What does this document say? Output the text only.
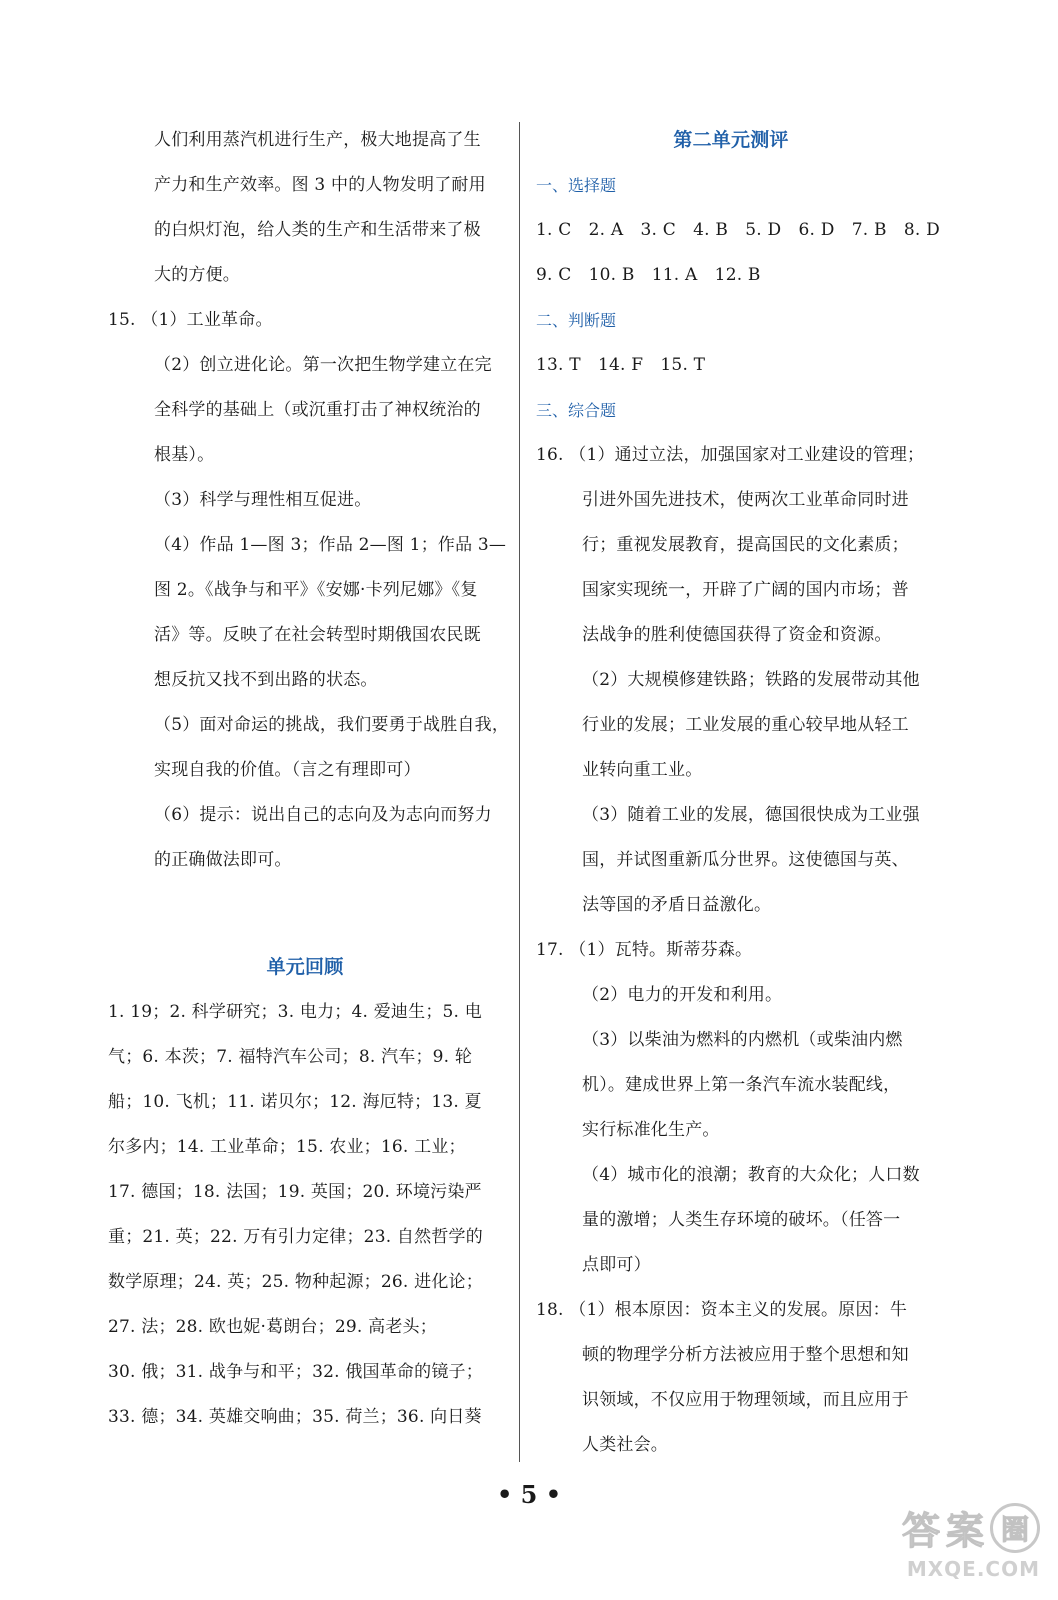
人们利用蒸汽机进行生产，极大地提高了生
产力和生产效率。图 3 中的人物发明了耐用
的白炽灯泡，给人类的生产和生活带来了极
大的方便。
15. （1）工业革命。
（2）创立进化论。第一次把生物学建立在完
全科学的基础上（或沉重打击了神权统治的
根基）。
（3）科学与理性相互促进。
（4）作品 1—图 3；作品 2—图 1；作品 3—
图 2。《战争与和平》《安娜·卡列尼娜》《复
活》等。反映了在社会转型时期俄国农民既
想反抗又找不到出路的状态。
（5）面对命运的挑战，我们要勇于战胜自我，
实现自我的价值。（言之有理即可）
（6）提示：说出自己的志向及为志向而努力
的正确做法即可。
单元回顾
1. 19；2. 科学研究；3. 电力；4. 爱迪生；5. 电
气；6. 本茨；7. 福特汽车公司；8. 汽车；9. 轮
船；10. 飞机；11. 诺贝尔；12. 海厄特；13. 夏
尔多内；14. 工业革命；15. 农业；16. 工业；
17. 德国；18. 法国；19. 英国；20. 环境污染严
重；21. 英；22. 万有引力定律；23. 自然哲学的
数学原理；24. 英；25. 物种起源；26. 进化论；
27. 法；28. 欧也妮·葛朗台；29. 高老头；
30. 俄；31. 战争与和平；32. 俄国革命的镜子；
33. 德；34. 英雄交响曲；35. 荷兰；36. 向日葵
第二单元测评
一、选择题
1. C　2. A　3. C　4. B　5. D　6. D　7. B　8. D
9. C　10. B　11. A　12. B
二、判断题
13. T　14. F　15. T
三、综合题
16. （1）通过立法，加强国家对工业建设的管理；
引进外国先进技术，使两次工业革命同时进
行；重视发展教育，提高国民的文化素质；
国家实现统一，开辟了广阔的国内市场；普
法战争的胜利使德国获得了资金和资源。
（2）大规模修建铁路；铁路的发展带动其他
行业的发展；工业发展的重心较早地从轻工
业转向重工业。
（3）随着工业的发展，德国很快成为工业强
国，并试图重新瓜分世界。这使德国与英、
法等国的矛盾日益激化。
17. （1）瓦特。斯蒂芬森。
（2）电力的开发和利用。
（3）以柴油为燃料的内燃机（或柴油内燃
机）。建成世界上第一条汽车流水装配线，
实行标准化生产。
（4）城市化的浪潮；教育的大众化；人口数
量的激增；人类生存环境的破坏。（任答一
点即可）
18. （1）根本原因：资本主义的发展。原因：牛
顿的物理学分析方法被应用于整个思想和知
识领域，不仅应用于物理领域，而且应用于
人类社会。
• 5 •
答 案 圈
MXQE.COM
